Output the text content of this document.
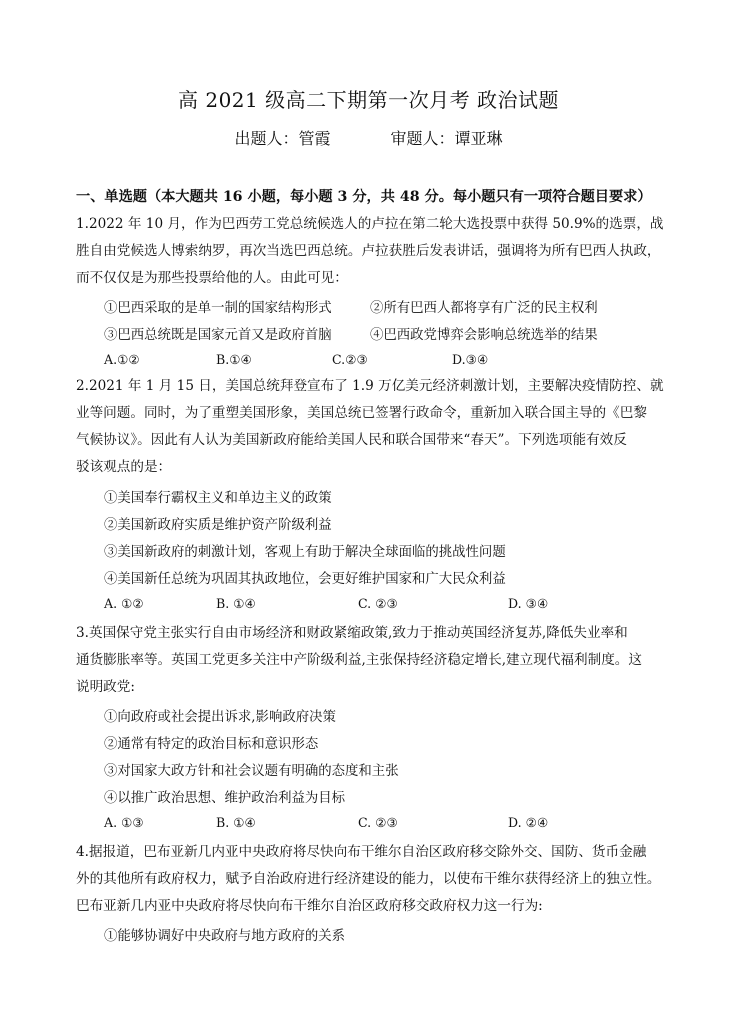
高 2021 级高二下期第一次月考 政治试题
出题人：管霞	审题人：谭亚琳
一、单选题（本大题共 16 小题，每小题 3 分，共 48 分。每小题只有一项符合题目要求）
1.2022 年 10 月，作为巴西劳工党总统候选人的卢拉在第二轮大选投票中获得 50.9%的选票，战
胜自由党候选人博索纳罗，再次当选巴西总统。卢拉获胜后发表讲话，强调将为所有巴西人执政，
而不仅仅是为那些投票给他的人。由此可见：
①巴西采取的是单一制的国家结构形式	②所有巴西人都将享有广泛的民主权利
③巴西总统既是国家元首又是政府首脑	④巴西政党博弈会影响总统选举的结果
A.①②	B.①④	C.②③	D.③④
2.2021 年 1 月 15 日，美国总统拜登宣布了 1.9 万亿美元经济刺激计划，主要解决疫情防控、就
业等问题。同时，为了重塑美国形象，美国总统已签署行政命令，重新加入联合国主导的《巴黎
气候协议》。因此有人认为美国新政府能给美国人民和联合国带来“春天”。下列选项能有效反
驳该观点的是：
①美国奉行霸权主义和单边主义的政策
②美国新政府实质是维护资产阶级利益
③美国新政府的刺激计划，客观上有助于解决全球面临的挑战性问题
④美国新任总统为巩固其执政地位，会更好维护国家和广大民众利益
A. ①②	B. ①④	C. ②③	D. ③④
3.英国保守党主张实行自由市场经济和财政紧缩政策,致力于推动英国经济复苏,降低失业率和
通货膨胀率等。英国工党更多关注中产阶级利益,主张保持经济稳定增长,建立现代福利制度。这
说明政党:
①向政府或社会提出诉求,影响政府决策
②通常有特定的政治目标和意识形态
③对国家大政方针和社会议题有明确的态度和主张
④以推广政治思想、维护政治利益为目标
A. ①③	B. ①④	C. ②③	D. ②④
4.据报道，巴布亚新几内亚中央政府将尽快向布干维尔自治区政府移交除外交、国防、货币金融
外的其他所有政府权力，赋予自治政府进行经济建设的能力，以使布干维尔获得经济上的独立性。
巴布亚新几内亚中央政府将尽快向布干维尔自治区政府移交政府权力这一行为:
①能够协调好中央政府与地方政府的关系
